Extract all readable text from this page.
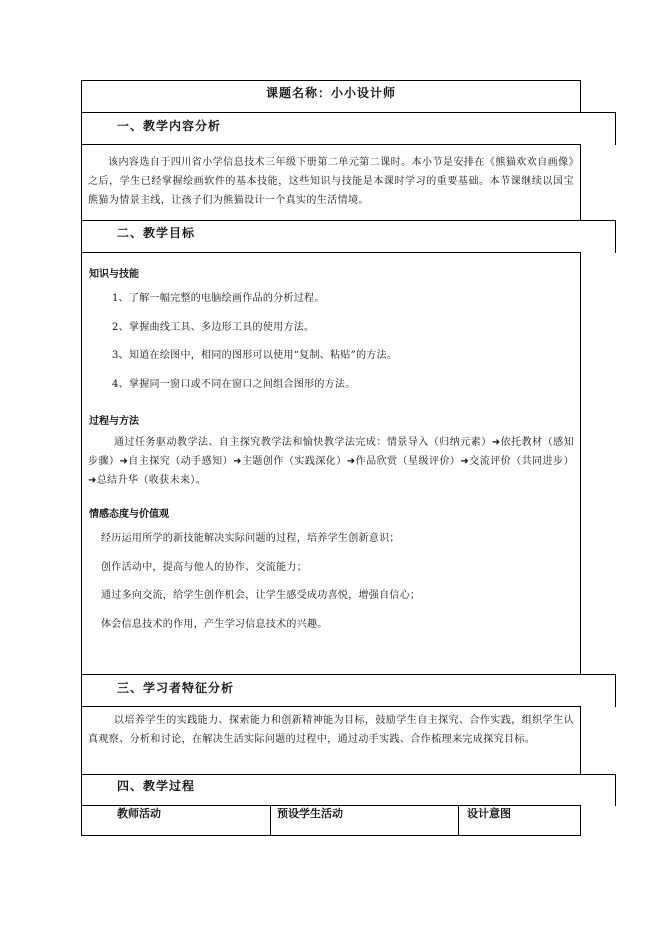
课题名称：小小设计师
一、教学内容分析
该内容选自于四川省小学信息技术三年级下册第二单元第二课时。本小节是安排在《熊猫欢欢自画像》之后，学生已经掌握绘画软件的基本技能，这些知识与技能是本课时学习的重要基础。本节课继续以国宝熊猫为情景主线，让孩子们为熊猫设计一个真实的生活情境。
二、教学目标
知识与技能
1、了解一幅完整的电脑绘画作品的分析过程。
2、掌握曲线工具、多边形工具的使用方法。
3、知道在绘图中，相同的图形可以使用“复制、粘贴”的方法。
4、掌握同一窗口或不同在窗口之间组合图形的方法。
过程与方法
通过任务驱动教学法、自主探究教学法和愉快教学法完成：情景导入（归纳元素）➜依托教材（感知步骤）➜自主探究（动手感知）➜主题创作（实践深化）➜作品欣赏（星级评价）➜交流评价（共同进步）➜总结升华（收获未来）。
情感态度与价值观
经历运用所学的新技能解决实际问题的过程，培养学生创新意识；
创作活动中，提高与他人的协作、交流能力；
通过多向交流，给学生创作机会，让学生感受成功喜悦，增强自信心；
体会信息技术的作用，产生学习信息技术的兴趣。
三、学习者特征分析
以培养学生的实践能力、探索能力和创新精神能为目标，鼓励学生自主探究、合作实践，组织学生认真观察、分析和讨论，在解决生活实际问题的过程中，通过动手实践、合作梳理来完成探究目标。
四、教学过程
教师活动	预设学生活动	设计意图
